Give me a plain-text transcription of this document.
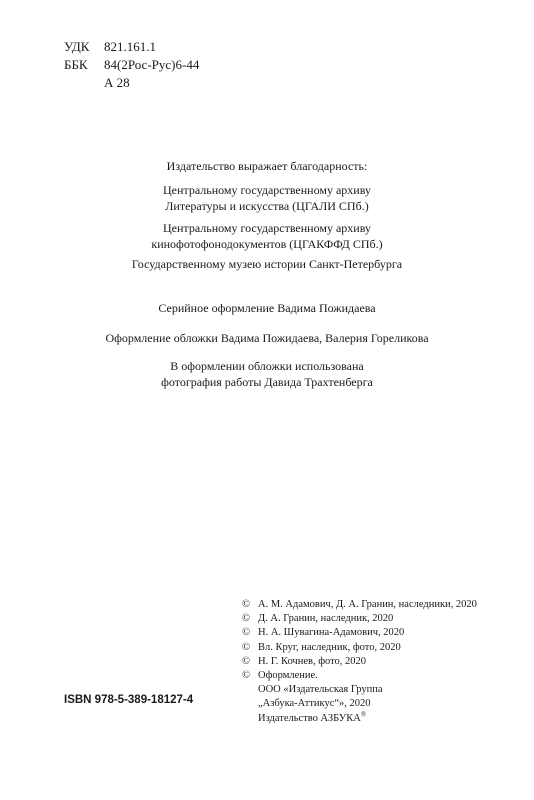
УДК	821.161.1
ББК	84(2Рос-Рус)6-44
А 28

Издательство выражает благодарность:

Центральному государственному архиву

Литературы и искусства (ЦГАЛИ СПб.)

Центральному государственному архиву

кинофотофонодокументов (ЦГАКФФД СПб.)

Государственному музею истории Санкт-Петербурга

Серийное оформление Вадима Пожидаева

Оформление обложки Вадима Пожидаева, Валерия Гореликова

В оформлении обложки использована

фотография работы Давида Трахтенберга

© А. М. Адамович, Д. А. Гранин, наследники, 2020
© Д. А. Гранин, наследник, 2020
© Н. А. Шувагина-Адамович, 2020
© Вл. Круг, наследник, фото, 2020
© Н. Г. Кочнев, фото, 2020
© Оформление.
ООО «Издательская Группа
„Азбука-Аттикус“», 2020
Издательство АЗБУКА®
ISBN 978-5-389-18127-4
